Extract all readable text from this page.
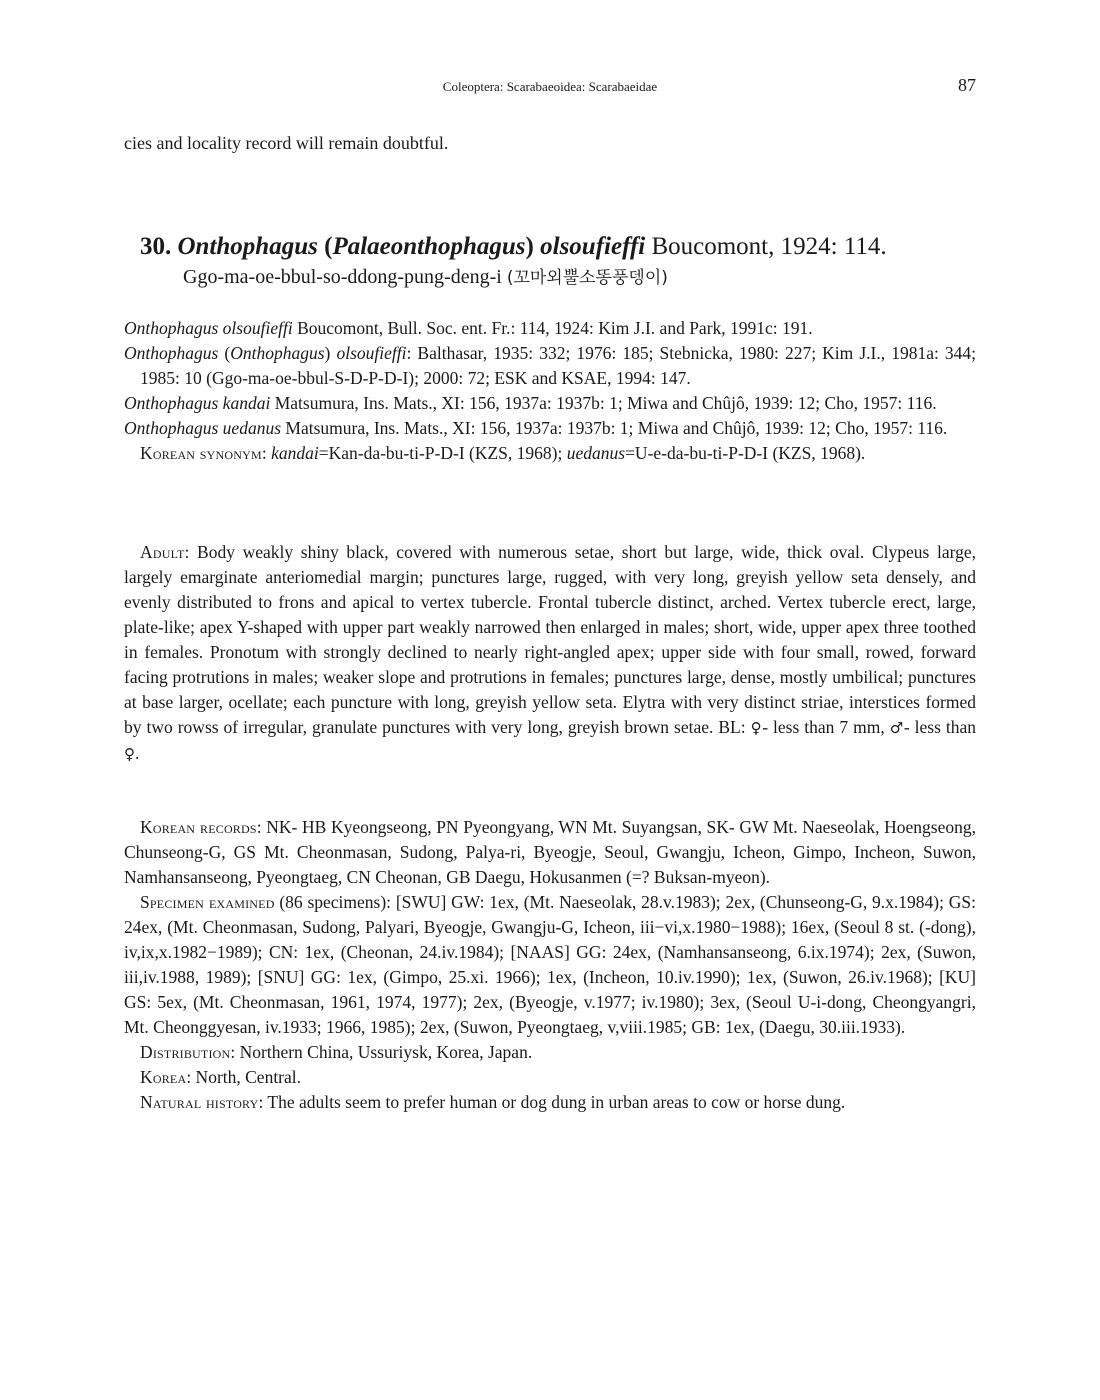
Coleoptera: Scarabaeoidea: Scarabaeidae	87
cies and locality record will remain doubtful.
30. Onthophagus (Palaeonthophagus) olsoufieffi Boucomont, 1924: 114.
Ggo-ma-oe-bbul-so-ddong-pung-deng-i (꼬마외뿔소똥풍뎅이)

Onthophagus olsoufieffi Boucomont, Bull. Soc. ent. Fr.: 114, 1924: Kim J.I. and Park, 1991c: 191.

Onthophagus (Onthophagus) olsoufieffi: Balthasar, 1935: 332; 1976: 185; Stebnicka, 1980: 227; Kim J.I., 1981a: 344; 1985: 10 (Ggo-ma-oe-bbul-S-D-P-D-I); 2000: 72; ESK and KSAE, 1994: 147.

Onthophagus kandai Matsumura, Ins. Mats., XI: 156, 1937a: 1937b: 1; Miwa and Chûjô, 1939: 12; Cho, 1957: 116.

Onthophagus uedanus Matsumura, Ins. Mats., XI: 156, 1937a: 1937b: 1; Miwa and Chûjô, 1939: 12; Cho, 1957: 116.

Korean synonym: kandai=Kan-da-bu-ti-P-D-I (KZS, 1968); uedanus=U-e-da-bu-ti-P-D-I (KZS, 1968).

Adult: Body weakly shiny black, covered with numerous setae, short but large, wide, thick oval. Clypeus large, largely emarginate anteriomedial margin; punctures large, rugged, with very long, greyish yellow seta densely, and evenly distributed to frons and apical to vertex tubercle. Frontal tubercle distinct, arched. Vertex tubercle erect, large, plate-like; apex Y-shaped with upper part weakly narrowed then enlarged in males; short, wide, upper apex three toothed in females. Pronotum with strongly declined to nearly right-angled apex; upper side with four small, rowed, forward facing protrutions in males; weaker slope and protrutions in females; punctures large, dense, mostly umbilical; punctures at base larger, ocellate; each puncture with long, greyish yellow seta. Elytra with very distinct striae, interstices formed by two rowss of irregular, granulate punctures with very long, greyish brown setae. BL: ♀- less than 7 mm, ♂- less than ♀.

Korean records: NK- HB Kyeongseong, PN Pyeongyang, WN Mt. Suyangsan, SK- GW Mt. Naeseolak, Hoengseong, Chunseong-G, GS Mt. Cheonmasan, Sudong, Palya-ri, Byeogje, Seoul, Gwangju, Icheon, Gimpo, Incheon, Suwon, Namhansanseong, Pyeongtaeg, CN Cheonan, GB Daegu, Hokusanmen (=? Buksan-myeon).

Specimen examined (86 specimens): [SWU] GW: 1ex, (Mt. Naeseolak, 28.v.1983); 2ex, (Chunseong-G, 9.x.1984); GS: 24ex, (Mt. Cheonmasan, Sudong, Palyari, Byeogje, Gwangju-G, Icheon, iii−vi,x.1980−1988); 16ex, (Seoul 8 st. (-dong), iv,ix,x.1982−1989); CN: 1ex, (Cheonan, 24.iv.1984); [NAAS] GG: 24ex, (Namhansanseong, 6.ix.1974); 2ex, (Suwon, iii,iv.1988, 1989); [SNU] GG: 1ex, (Gimpo, 25.xi. 1966); 1ex, (Incheon, 10.iv.1990); 1ex, (Suwon, 26.iv.1968); [KU] GS: 5ex, (Mt. Cheonmasan, 1961, 1974, 1977); 2ex, (Byeogje, v.1977; iv.1980); 3ex, (Seoul U-i-dong, Cheongyangri, Mt. Cheonggyesan, iv.1933; 1966, 1985); 2ex, (Suwon, Pyeongtaeg, v,viii.1985; GB: 1ex, (Daegu, 30.iii.1933).

Distribution: Northern China, Ussuriysk, Korea, Japan.

Korea: North, Central.

Natural history: The adults seem to prefer human or dog dung in urban areas to cow or horse dung.
